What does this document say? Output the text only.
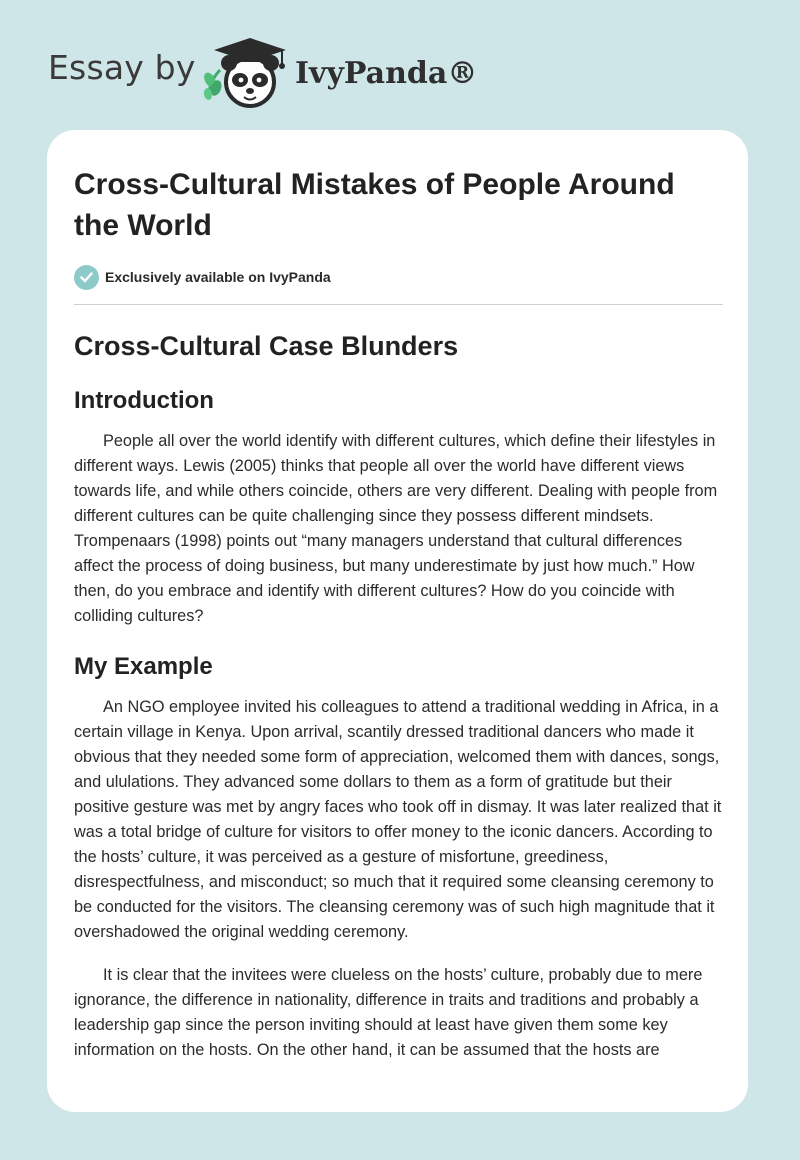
Essay by	IvyPanda®
Cross-Cultural Mistakes of People Around the World
Exclusively available on IvyPanda
Cross-Cultural Case Blunders
Introduction

People all over the world identify with different cultures, which define their lifestyles in different ways. Lewis (2005) thinks that people all over the world have different views towards life, and while others coincide, others are very different. Dealing with people from different cultures can be quite challenging since they possess different mindsets. Trompenaars (1998) points out “many managers understand that cultural differences affect the process of doing business, but many underestimate by just how much.” How then, do you embrace and identify with different cultures? How do you coincide with colliding cultures?

My Example

An NGO employee invited his colleagues to attend a traditional wedding in Africa, in a certain village in Kenya. Upon arrival, scantily dressed traditional dancers who made it obvious that they needed some form of appreciation, welcomed them with dances, songs, and ululations. They advanced some dollars to them as a form of gratitude but their positive gesture was met by angry faces who took off in dismay. It was later realized that it was a total bridge of culture for visitors to offer money to the iconic dancers. According to the hosts’ culture, it was perceived as a gesture of misfortune, greediness, disrespectfulness, and misconduct; so much that it required some cleansing ceremony to be conducted for the visitors. The cleansing ceremony was of such high magnitude that it overshadowed the original wedding ceremony.

It is clear that the invitees were clueless on the hosts’ culture, probably due to mere ignorance, the difference in nationality, difference in traits and traditions and probably a leadership gap since the person inviting should at least have given them some key information on the hosts. On the other hand, it can be assumed that the hosts are
